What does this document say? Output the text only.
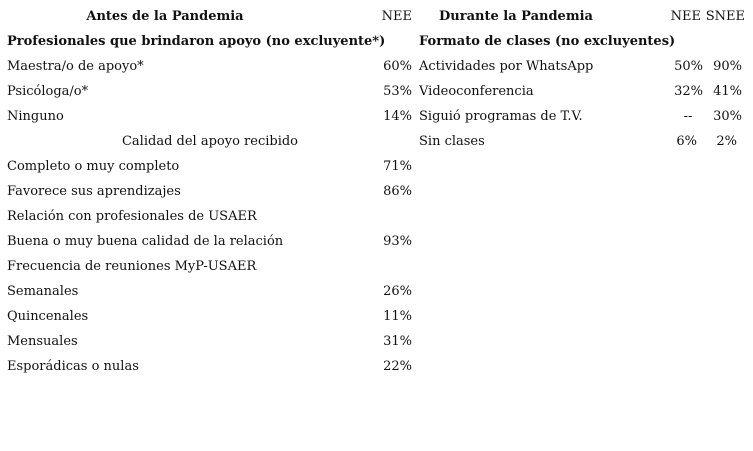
Antes de la Pandemia	NEE	Durante la Pandemia	NEE SNEE
Profesionales que brindaron apoyo (no excluyente*)
Maestra/o de apoyo*	60%
Psicóloga/o*	53%
Ninguno	14%
Calidad del apoyo recibido
Completo o muy completo	71%
Favorece sus aprendizajes	86%
Relación con profesionales de USAER
Buena o muy buena calidad de la relación	93%
Frecuencia de reuniones MyP-USAER
Semanales	26%
Quincenales	11%
Mensuales	31%
Esporádicas o nulas	22%
Formato de clases (no excluyentes)
Actividades por WhatsApp	50% 90%
Videoconferencia	32% 41%
Siguió programas de T.V.	--	30%
Sin clases	6%	2%
